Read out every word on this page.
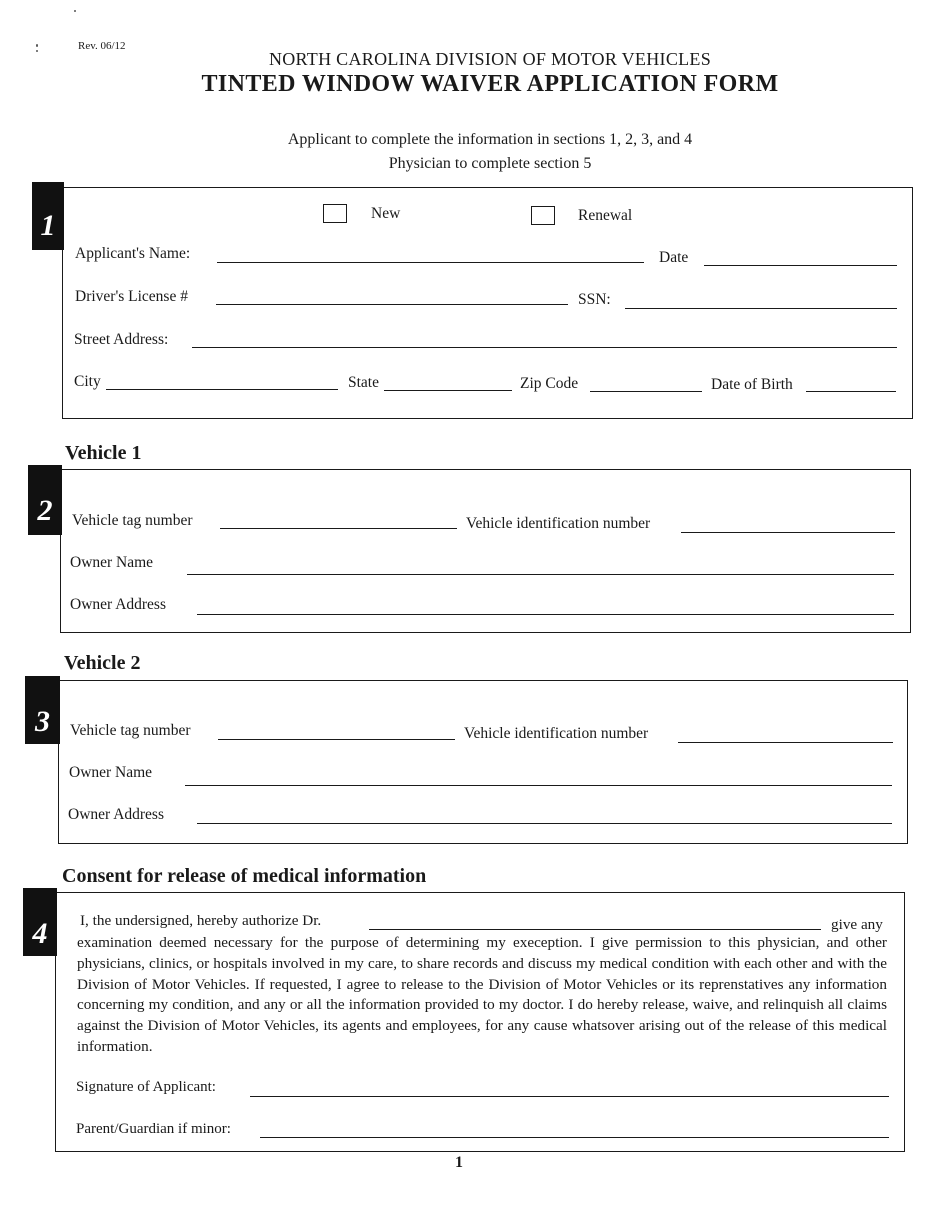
Rev. 06/12
NORTH CAROLINA DIVISION OF MOTOR VEHICLES
TINTED WINDOW WAIVER APPLICATION FORM
Applicant to complete the information in sections 1, 2, 3, and 4
Physician to complete section 5
1	New	Renewal
Applicant's Name:	Date
Driver's License #	SSN:
Street Address:
City	State	Zip Code	Date of Birth
Vehicle 1
2	Vehicle tag number	Vehicle identification number
Owner Name
Owner Address
Vehicle 2
3	Vehicle tag number	Vehicle identification number
Owner Name
Owner Address
Consent for release of medical information
4	I, the undersigned, hereby authorize Dr.	give any
examination deemed necessary for the purpose of determining my exeception. I give permission to this physician, and other physicians, clinics, or hospitals involved in my care, to share records and discuss my medical condition with each other and with the Division of Motor Vehicles. If requested, I agree to release to the Division of Motor Vehicles or its reprenstatives any information concerning my condition, and any or all the information provided to my doctor. I do hereby release, waive, and relinquish all claims against the Division of Motor Vehicles, its agents and employees, for any cause whatsover arising out of the release of this medical information.
Signature of Applicant:
Parent/Guardian if minor:
1
